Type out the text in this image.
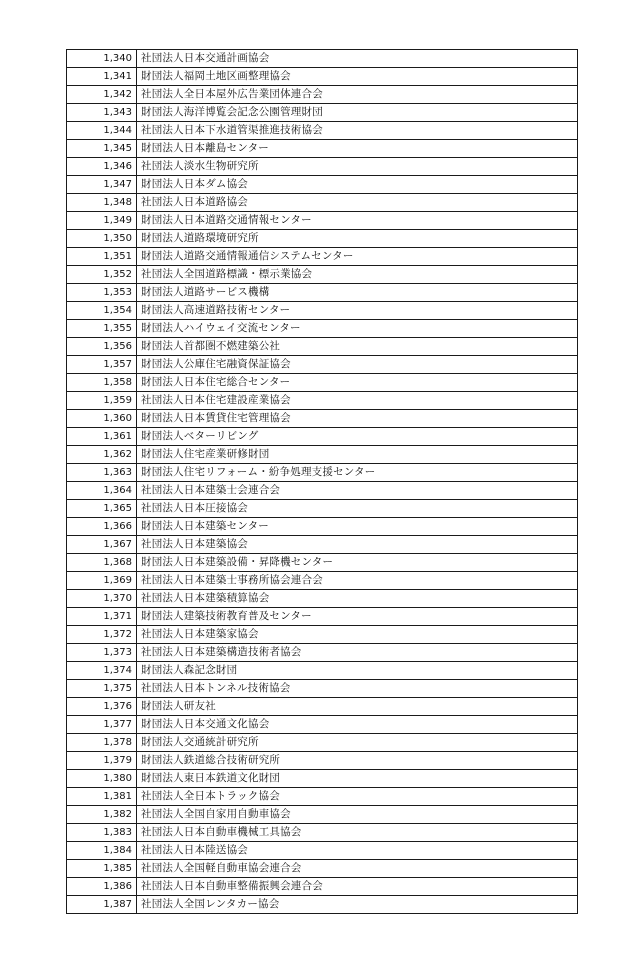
1,340	社団法人日本交通計画協会
1,341	財団法人福岡土地区画整理協会
1,342	社団法人全日本屋外広告業団体連合会
1,343	財団法人海洋博覧会記念公園管理財団
1,344	社団法人日本下水道管渠推進技術協会
1,345	財団法人日本離島センター
1,346	社団法人淡水生物研究所
1,347	財団法人日本ダム協会
1,348	社団法人日本道路協会
1,349	財団法人日本道路交通情報センター
1,350	財団法人道路環境研究所
1,351	財団法人道路交通情報通信システムセンター
1,352	社団法人全国道路標識・標示業協会
1,353	財団法人道路サービス機構
1,354	財団法人高速道路技術センター
1,355	財団法人ハイウェイ交流センター
1,356	財団法人首都圏不燃建築公社
1,357	財団法人公庫住宅融資保証協会
1,358	財団法人日本住宅総合センター
1,359	社団法人日本住宅建設産業協会
1,360	財団法人日本賃貸住宅管理協会
1,361	財団法人ベターリビング
1,362	財団法人住宅産業研修財団
1,363	財団法人住宅リフォーム・紛争処理支援センター
1,364	社団法人日本建築士会連合会
1,365	社団法人日本圧接協会
1,366	財団法人日本建築センター
1,367	社団法人日本建築協会
1,368	財団法人日本建築設備・昇降機センター
1,369	社団法人日本建築士事務所協会連合会
1,370	社団法人日本建築積算協会
1,371	財団法人建築技術教育普及センター
1,372	社団法人日本建築家協会
1,373	社団法人日本建築構造技術者協会
1,374	財団法人森記念財団
1,375	社団法人日本トンネル技術協会
1,376	財団法人研友社
1,377	財団法人日本交通文化協会
1,378	財団法人交通統計研究所
1,379	財団法人鉄道総合技術研究所
1,380	財団法人東日本鉄道文化財団
1,381	社団法人全日本トラック協会
1,382	社団法人全国自家用自動車協会
1,383	社団法人日本自動車機械工具協会
1,384	社団法人日本陸送協会
1,385	社団法人全国軽自動車協会連合会
1,386	社団法人日本自動車整備振興会連合会
1,387	社団法人全国レンタカー協会
